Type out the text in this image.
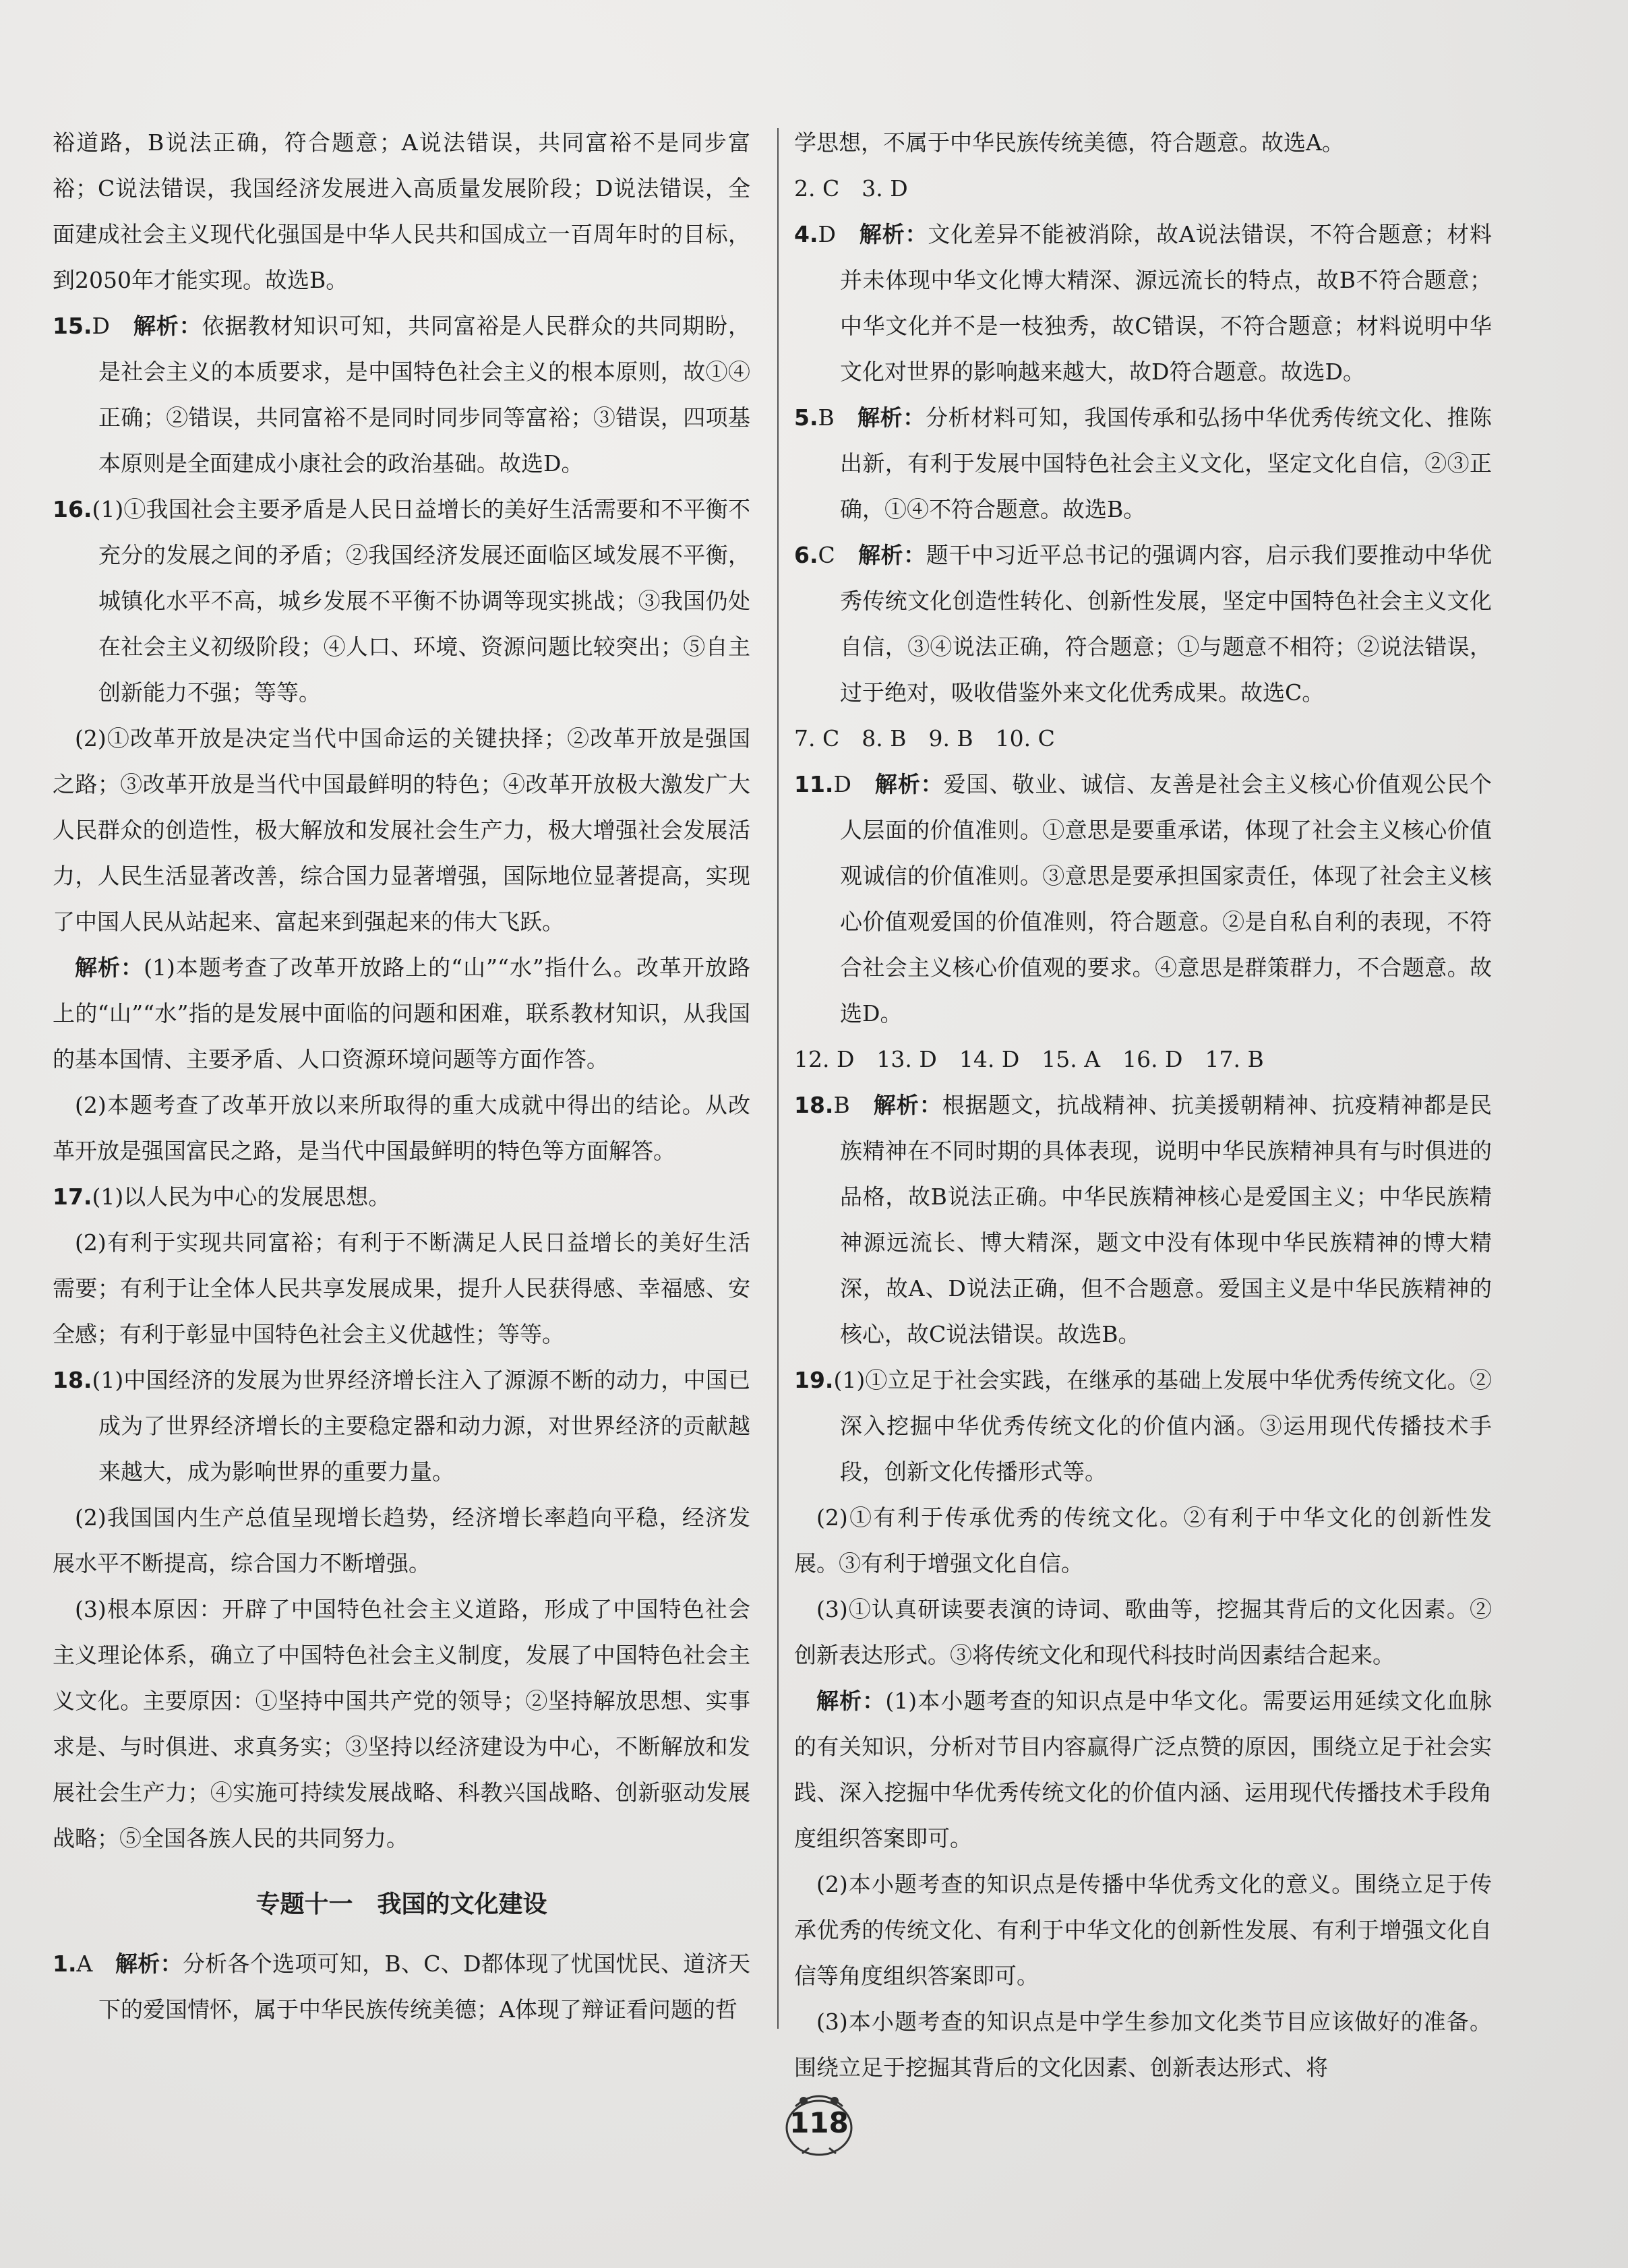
裕道路，B说法正确，符合题意；A说法错误，共同富裕不是同步富裕；C说法错误，我国经济发展进入高质量发展阶段；D说法错误，全面建成社会主义现代化强国是中华人民共和国成立一百周年时的目标，到2050年才能实现。故选B。

15.D　 解析：依据教材知识可知，共同富裕是人民群众的共同期盼，是社会主义的本质要求，是中国特色社会主义的根本原则，故①④正确；②错误，共同富裕不是同时同步同等富裕；③错误，四项基本原则是全面建成小康社会的政治基础。故选D。

16.(1)①我国社会主要矛盾是人民日益增长的美好生活需要和不平衡不充分的发展之间的矛盾；②我国经济发展还面临区域发展不平衡，城镇化水平不高，城乡发展不平衡不协调等现实挑战；③我国仍处在社会主义初级阶段；④人口、环境、资源问题比较突出；⑤自主创新能力不强；等等。

(2)①改革开放是决定当代中国命运的关键抉择；②改革开放是强国之路；③改革开放是当代中国最鲜明的特色；④改革开放极大激发广大人民群众的创造性，极大解放和发展社会生产力，极大增强社会发展活力，人民生活显著改善，综合国力显著增强，国际地位显著提高，实现了中国人民从站起来、富起来到强起来的伟大飞跃。

解析：(1)本题考查了改革开放路上的“山”“水”指什么。改革开放路上的“山”“水”指的是发展中面临的问题和困难，联系教材知识，从我国的基本国情、主要矛盾、人口资源环境问题等方面作答。

(2)本题考查了改革开放以来所取得的重大成就中得出的结论。从改革开放是强国富民之路，是当代中国最鲜明的特色等方面解答。

17.(1)以人民为中心的发展思想。

(2)有利于实现共同富裕；有利于不断满足人民日益增长的美好生活需要；有利于让全体人民共享发展成果，提升人民获得感、幸福感、安全感；有利于彰显中国特色社会主义优越性；等等。

18.(1)中国经济的发展为世界经济增长注入了源源不断的动力，中国已成为了世界经济增长的主要稳定器和动力源，对世界经济的贡献越来越大，成为影响世界的重要力量。

(2)我国国内生产总值呈现增长趋势，经济增长率趋向平稳，经济发展水平不断提高，综合国力不断增强。

(3)根本原因：开辟了中国特色社会主义道路，形成了中国特色社会主义理论体系，确立了中国特色社会主义制度，发展了中国特色社会主义文化。主要原因：①坚持中国共产党的领导；②坚持解放思想、实事求是、与时俱进、求真务实；③坚持以经济建设为中心，不断解放和发展社会生产力；④实施可持续发展战略、科教兴国战略、创新驱动发展战略；⑤全国各族人民的共同努力。

专题十一　我国的文化建设

1.A　 解析：分析各个选项可知，B、C、D都体现了忧国忧民、道济天下的爱国情怀，属于中华民族传统美德；A体现了辩证看问题的哲

学思想，不属于中华民族传统美德，符合题意。故选A。

2. C　3. D

4.D　 解析：文化差异不能被消除，故A说法错误，不符合题意；材料并未体现中华文化博大精深、源远流长的特点，故B不符合题意；中华文化并不是一枝独秀，故C错误，不符合题意；材料说明中华文化对世界的影响越来越大，故D符合题意。故选D。

5.B　 解析：分析材料可知，我国传承和弘扬中华优秀传统文化、推陈出新，有利于发展中国特色社会主义文化，坚定文化自信，②③正确，①④不符合题意。故选B。

6.C　 解析：题干中习近平总书记的强调内容，启示我们要推动中华优秀传统文化创造性转化、创新性发展，坚定中国特色社会主义文化自信，③④说法正确，符合题意；①与题意不相符；②说法错误，过于绝对，吸收借鉴外来文化优秀成果。故选C。

7. C　8. B　9. B　10. C

11.D　 解析：爱国、敬业、诚信、友善是社会主义核心价值观公民个人层面的价值准则。①意思是要重承诺，体现了社会主义核心价值观诚信的价值准则。③意思是要承担国家责任，体现了社会主义核心价值观爱国的价值准则，符合题意。②是自私自利的表现，不符合社会主义核心价值观的要求。④意思是群策群力，不合题意。故选D。

12. D　13. D　14. D　15. A　16. D　17. B

18.B　 解析：根据题文，抗战精神、抗美援朝精神、抗疫精神都是民族精神在不同时期的具体表现，说明中华民族精神具有与时俱进的品格，故B说法正确。中华民族精神核心是爱国主义；中华民族精神源远流长、博大精深，题文中没有体现中华民族精神的博大精深，故A、D说法正确，但不合题意。爱国主义是中华民族精神的核心，故C说法错误。故选B。

19.(1)①立足于社会实践，在继承的基础上发展中华优秀传统文化。②深入挖掘中华优秀传统文化的价值内涵。③运用现代传播技术手段，创新文化传播形式等。

(2)①有利于传承优秀的传统文化。②有利于中华文化的创新性发展。③有利于增强文化自信。

(3)①认真研读要表演的诗词、歌曲等，挖掘其背后的文化因素。②创新表达形式。③将传统文化和现代科技时尚因素结合起来。

解析：(1)本小题考查的知识点是中华文化。需要运用延续文化血脉的有关知识，分析对节目内容赢得广泛点赞的原因，围绕立足于社会实践、深入挖掘中华优秀传统文化的价值内涵、运用现代传播技术手段角度组织答案即可。

(2)本小题考查的知识点是传播中华优秀文化的意义。围绕立足于传承优秀的传统文化、有利于中华文化的创新性发展、有利于增强文化自信等角度组织答案即可。

(3)本小题考查的知识点是中学生参加文化类节目应该做好的准备。围绕立足于挖掘其背后的文化因素、创新表达形式、将

118
